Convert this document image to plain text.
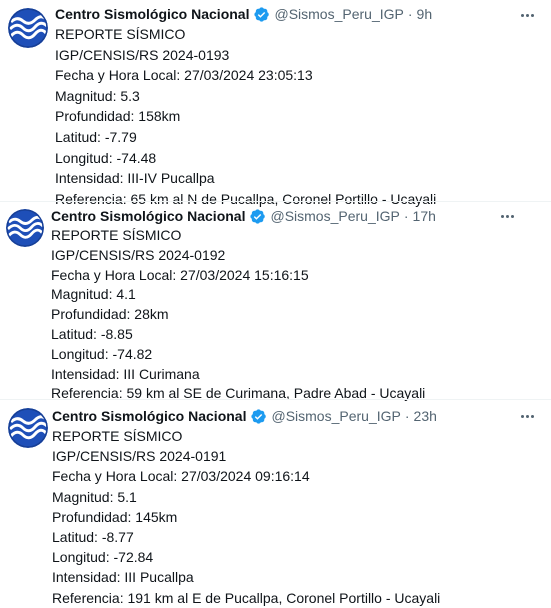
Centro Sismológico Nacional @Sismos_Peru_IGP · 9h
REPORTE SÍSMICO
IGP/CENSIS/RS 2024-0193
Fecha y Hora Local: 27/03/2024 23:05:13
Magnitud: 5.3
Profundidad: 158km
Latitud: -7.79
Longitud: -74.48
Intensidad: III-IV Pucallpa
Referencia: 65 km al N de Pucallpa, Coronel Portillo - Ucayali
Centro Sismológico Nacional @Sismos_Peru_IGP · 17h
REPORTE SÍSMICO
IGP/CENSIS/RS 2024-0192
Fecha y Hora Local: 27/03/2024 15:16:15
Magnitud: 4.1
Profundidad: 28km
Latitud: -8.85
Longitud: -74.82
Intensidad: III Curimana
Referencia: 59 km al SE de Curimana, Padre Abad - Ucayali
Centro Sismológico Nacional @Sismos_Peru_IGP · 23h
REPORTE SÍSMICO
IGP/CENSIS/RS 2024-0191
Fecha y Hora Local: 27/03/2024 09:16:14
Magnitud: 5.1
Profundidad: 145km
Latitud: -8.77
Longitud: -72.84
Intensidad: III Pucallpa
Referencia: 191 km al E de Pucallpa, Coronel Portillo - Ucayali
